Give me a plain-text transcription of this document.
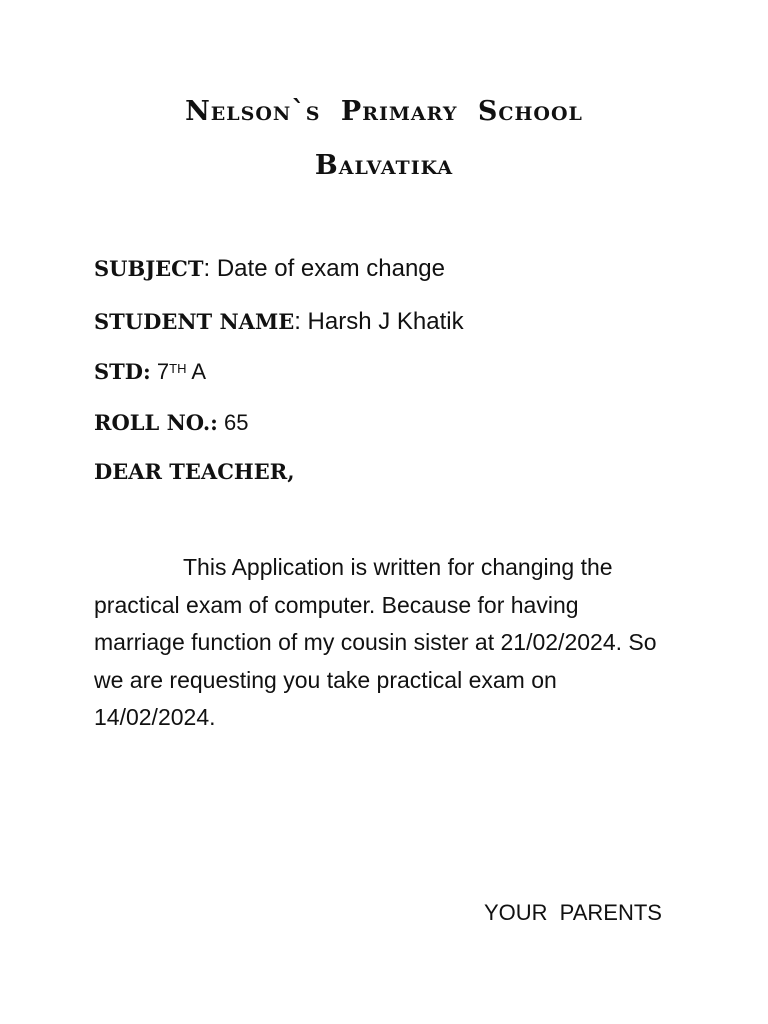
Nelson`s Primary School
Balvatika
SUBJECT: Date of exam change
STUDENT NAME: Harsh J Khatik
STD: 7TH A
ROLL NO.: 65
DEAR TEACHER,
This Application is written for changing the practical exam of computer. Because for having marriage function of my cousin sister at 21/02/2024. So we are requesting you take practical exam on 14/02/2024.
YOUR PARENTS
